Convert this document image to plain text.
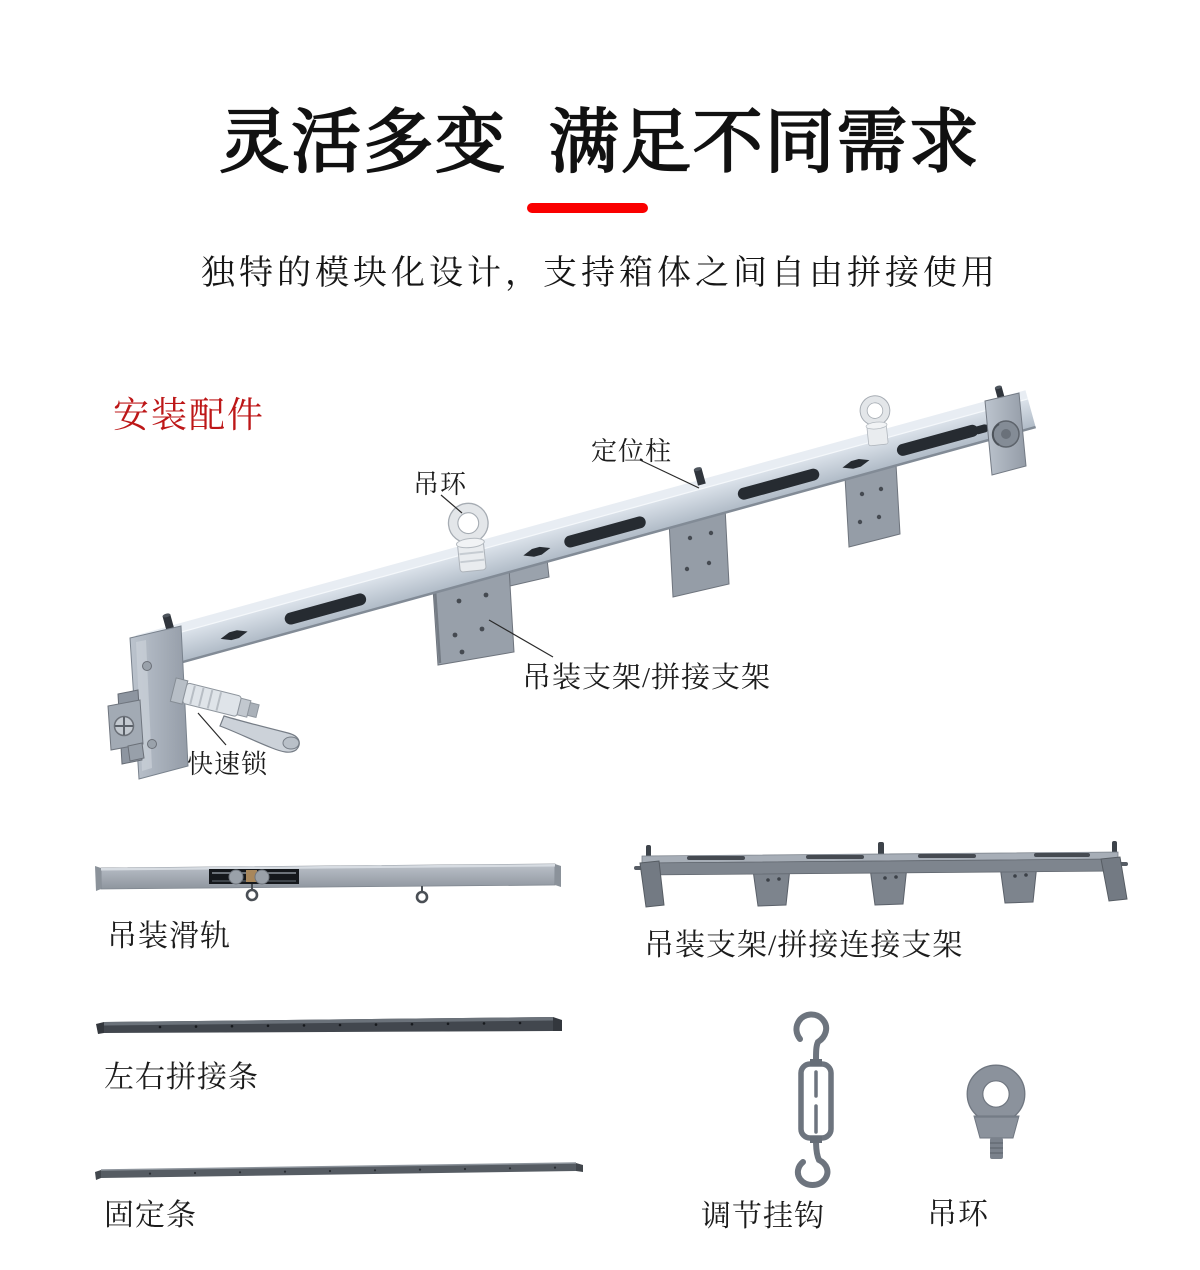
灵活多变 满足不同需求
独特的模块化设计，支持箱体之间自由拼接使用
安装配件
吊环
定位柱
吊装支架/拼接支架
快速锁
吊装滑轨	吊装支架/拼接连接支架
左右拼接条
调节挂钩
固定条	吊环
